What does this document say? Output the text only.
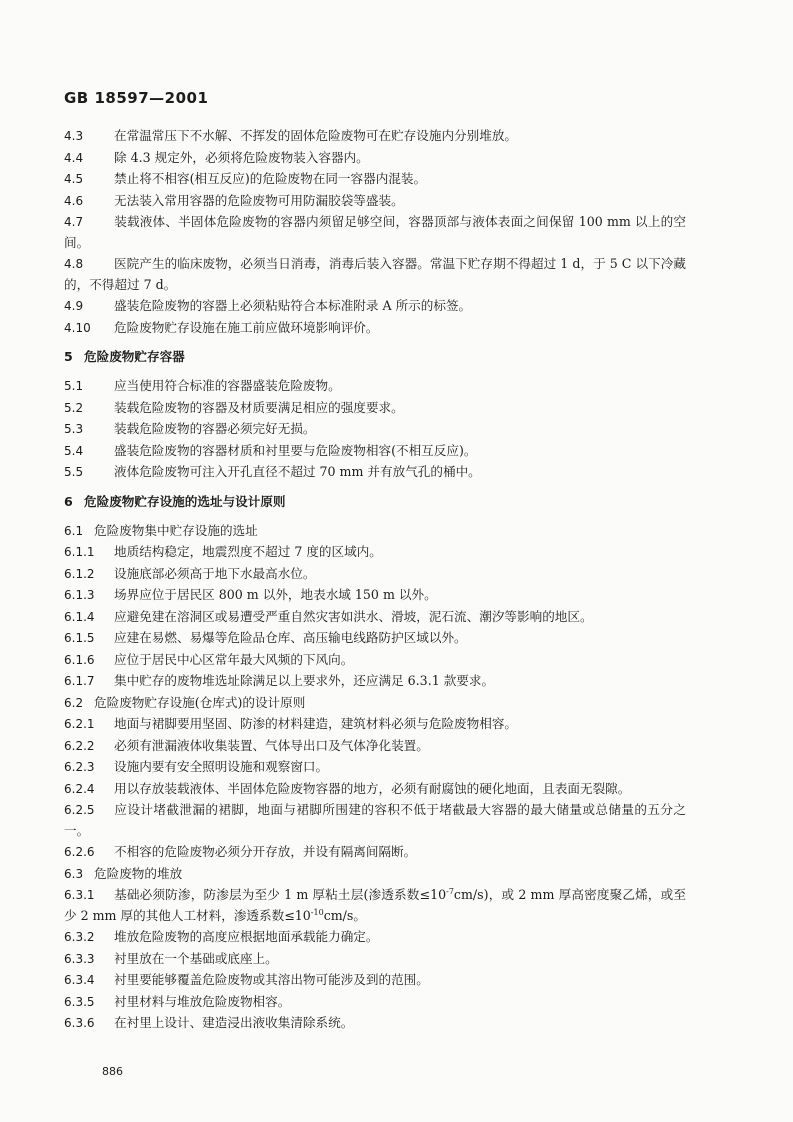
GB 18597—2001

4.3 在常温常压下不水解、不挥发的固体危险废物可在贮存设施内分别堆放。

4.4 除 4.3 规定外，必须将危险废物装入容器内。

4.5 禁止将不相容(相互反应)的危险废物在同一容器内混装。

4.6 无法装入常用容器的危险废物可用防漏胶袋等盛装。

4.7 装载液体、半固体危险废物的容器内须留足够空间，容器顶部与液体表面之间保留 100 mm 以上的空间。

4.8 医院产生的临床废物，必须当日消毒，消毒后装入容器。常温下贮存期不得超过 1 d，于 5 C 以下冷藏的，不得超过 7 d。

4.9 盛装危险废物的容器上必须粘贴符合本标准附录 A 所示的标签。

4.10 危险废物贮存设施在施工前应做环境影响评价。

5 危险废物贮存容器

5.1 应当使用符合标准的容器盛装危险废物。

5.2 装载危险废物的容器及材质要满足相应的强度要求。

5.3 装载危险废物的容器必须完好无损。

5.4 盛装危险废物的容器材质和衬里要与危险废物相容(不相互反应)。

5.5 液体危险废物可注入开孔直径不超过 70 mm 并有放气孔的桶中。

6 危险废物贮存设施的选址与设计原则

6.1 危险废物集中贮存设施的选址

6.1.1 地质结构稳定，地震烈度不超过 7 度的区域内。

6.1.2 设施底部必须高于地下水最高水位。

6.1.3 场界应位于居民区 800 m 以外，地表水域 150 m 以外。

6.1.4 应避免建在溶洞区或易遭受严重自然灾害如洪水、滑坡，泥石流、潮汐等影响的地区。

6.1.5 应建在易燃、易爆等危险品仓库、高压输电线路防护区域以外。

6.1.6 应位于居民中心区常年最大风频的下风向。

6.1.7 集中贮存的废物堆选址除满足以上要求外，还应满足 6.3.1 款要求。

6.2 危险废物贮存设施(仓库式)的设计原则

6.2.1 地面与裙脚要用坚固、防渗的材料建造，建筑材料必须与危险废物相容。

6.2.2 必须有泄漏液体收集装置、气体导出口及气体净化装置。

6.2.3 设施内要有安全照明设施和观察窗口。

6.2.4 用以存放装载液体、半固体危险废物容器的地方，必须有耐腐蚀的硬化地面，且表面无裂隙。

6.2.5 应设计堵截泄漏的裙脚，地面与裙脚所围建的容积不低于堵截最大容器的最大储量或总储量的五分之一。

6.2.6 不相容的危险废物必须分开存放，并设有隔离间隔断。

6.3 危险废物的堆放

6.3.1 基础必须防渗，防渗层为至少 1 m 厚粘土层(渗透系数$\le 10^{-7}cm/s$)，或 2 mm 厚高密度聚乙烯，或至少 2 mm 厚的其他人工材料，渗透系数$\le 10^{-10}cm/s$。

6.3.2 堆放危险废物的高度应根据地面承载能力确定。

6.3.3 衬里放在一个基础或底座上。

6.3.4 衬里要能够覆盖危险废物或其溶出物可能涉及到的范围。

6.3.5 衬里材料与堆放危险废物相容。

6.3.6 在衬里上设计、建造浸出液收集清除系统。

886
